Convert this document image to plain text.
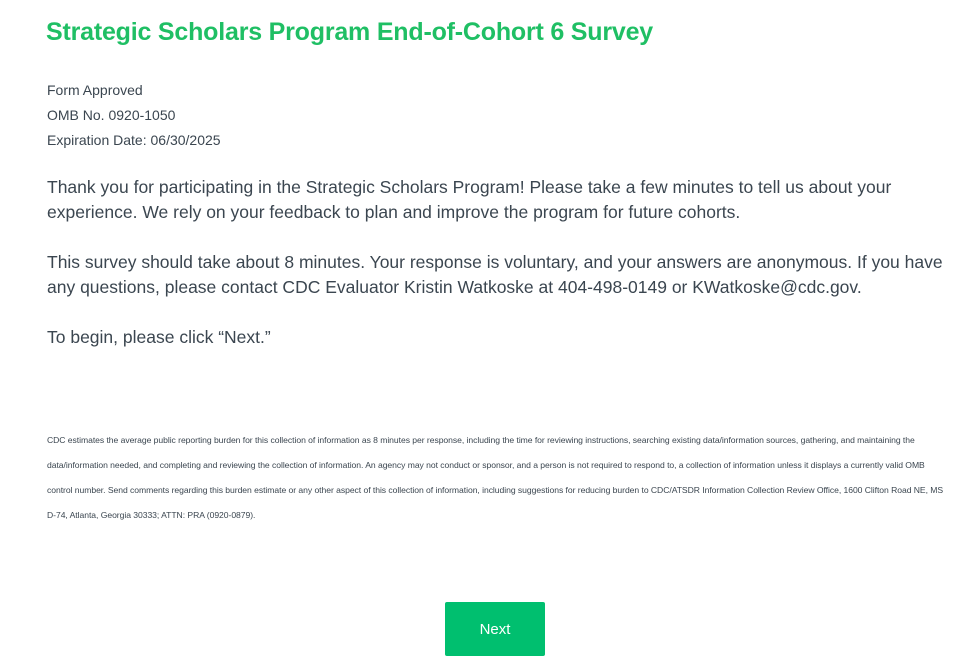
Strategic Scholars Program End-of-Cohort 6 Survey
Form Approved
OMB No. 0920-1050
Expiration Date: 06/30/2025

Thank you for participating in the Strategic Scholars Program! Please take a few minutes to tell us about your experience. We rely on your feedback to plan and improve the program for future cohorts.

This survey should take about 8 minutes. Your response is voluntary, and your answers are anonymous. If you have any questions, please contact CDC Evaluator Kristin Watkoske at 404-498-0149 or KWatkoske@cdc.gov.

To begin, please click “Next.”

CDC estimates the average public reporting burden for this collection of information as 8 minutes per response, including the time for reviewing instructions, searching existing data/information sources, gathering, and maintaining the data/information needed, and completing and reviewing the collection of information. An agency may not conduct or sponsor, and a person is not required to respond to, a collection of information unless it displays a currently valid OMB control number. Send comments regarding this burden estimate or any other aspect of this collection of information, including suggestions for reducing burden to CDC/ATSDR Information Collection Review Office, 1600 Clifton Road NE, MS D-74, Atlanta, Georgia 30333; ATTN: PRA (0920-0879).
Next
